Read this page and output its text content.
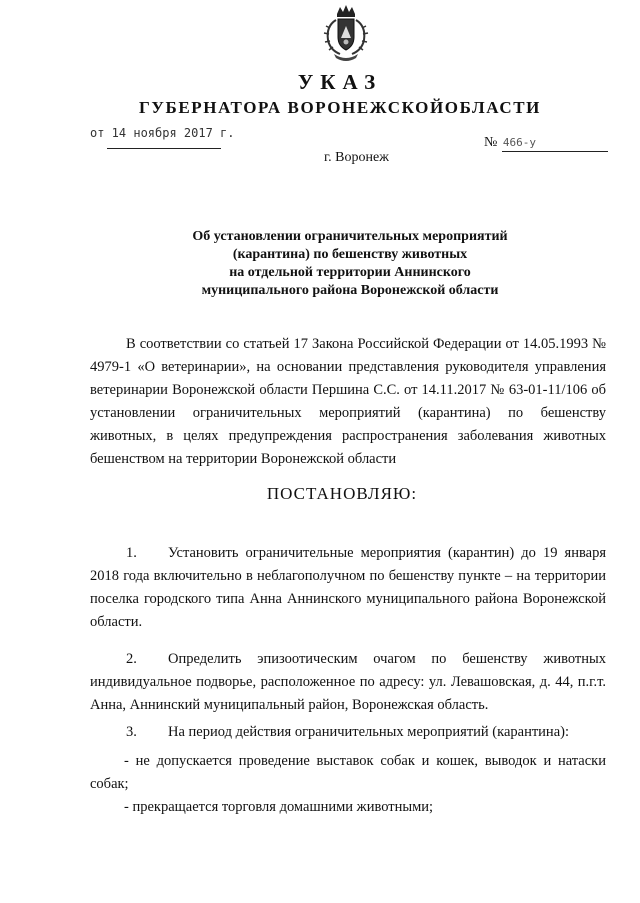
УКАЗ
ГУБЕРНАТОРА ВОРОНЕЖСКОЙОБЛАСТИ
от 14 ноября 2017 г.
№ 466-у
г. Воронеж
Об установлении ограничительных мероприятий
(карантина) по бешенству животных
на отдельной территории Аннинского
муниципального района Воронежской области

В соответствии со статьей 17 Закона Российской Федерации от 14.05.1993 № 4979-1 «О ветеринарии», на основании представления руководителя управления ветеринарии Воронежской области Першина С.С. от 14.11.2017 № 63-01-11/106 об установлении ограничительных мероприятий (карантина) по бешенству животных, в целях предупреждения распространения заболевания животных бешенством на территории Воронежской области

ПОСТАНОВЛЯЮ:

1. Установить ограничительные мероприятия (карантин) до 19 января 2018 года включительно в неблагополучном по бешенству пункте – на территории поселка городского типа Анна Аннинского муниципального района Воронежской области.

2. Определить эпизоотическим очагом по бешенству животных индивидуальное подворье, расположенное по адресу: ул. Левашовская, д. 44, п.г.т. Анна, Аннинский муниципальный район, Воронежская область.

3. На период действия ограничительных мероприятий (карантина):

- не допускается проведение выставок собак и кошек, выводок и натаски собак;

- прекращается торговля домашними животными;
